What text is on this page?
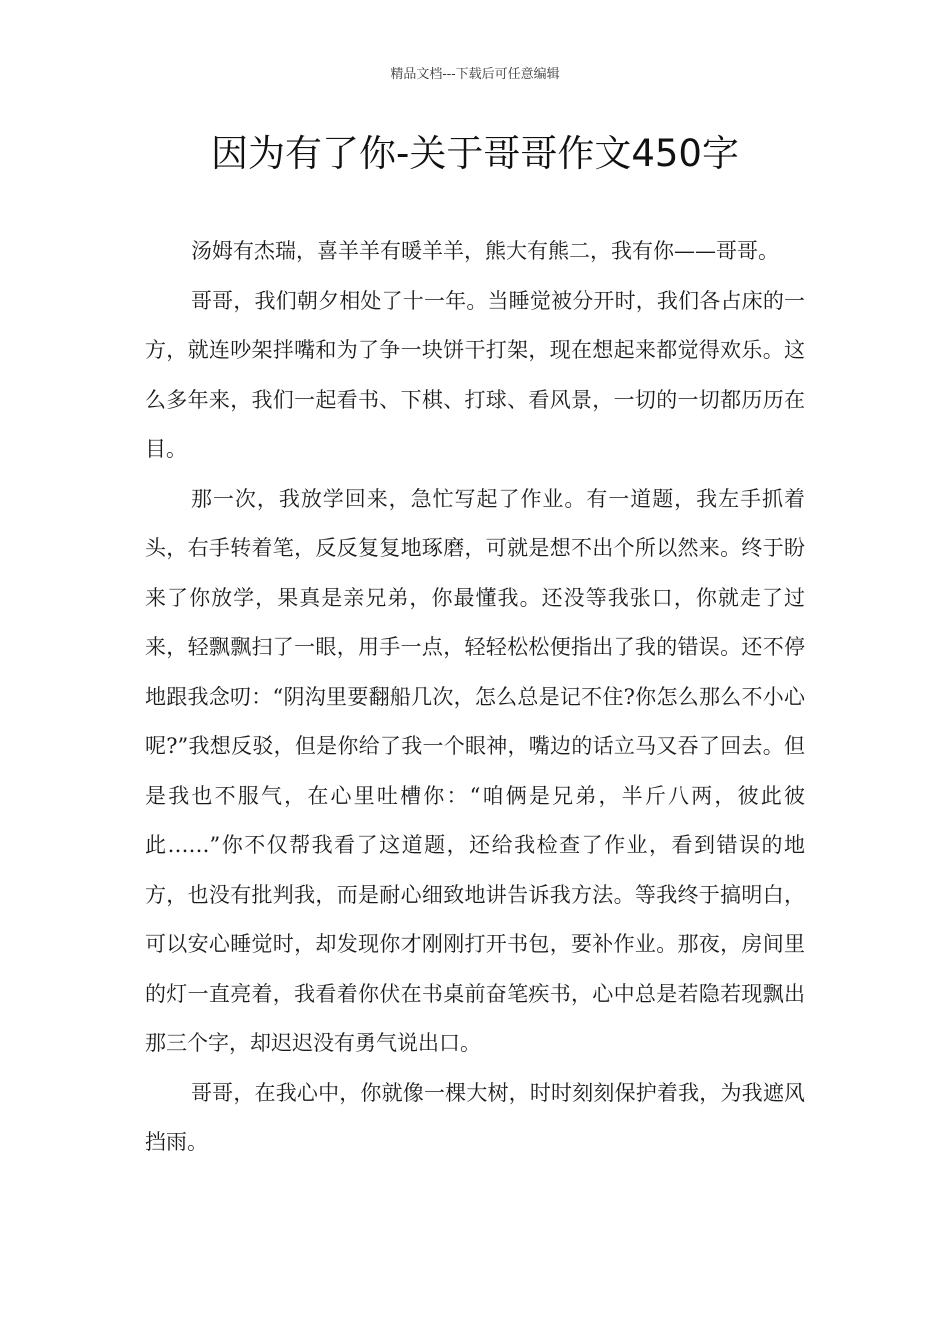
精品文档---下载后可任意编辑
因为有了你-关于哥哥作文450字

汤姆有杰瑞，喜羊羊有暖羊羊，熊大有熊二，我有你——哥哥。

哥哥，我们朝夕相处了十一年。当睡觉被分开时，我们各占床的一方，就连吵架拌嘴和为了争一块饼干打架，现在想起来都觉得欢乐。这么多年来，我们一起看书、下棋、打球、看风景，一切的一切都历历在目。

那一次，我放学回来，急忙写起了作业。有一道题，我左手抓着头，右手转着笔，反反复复地琢磨，可就是想不出个所以然来。终于盼来了你放学，果真是亲兄弟，你最懂我。还没等我张口，你就走了过来，轻飘飘扫了一眼，用手一点，轻轻松松便指出了我的错误。还不停地跟我念叨：“阴沟里要翻船几次，怎么总是记不住?你怎么那么不小心呢?”我想反驳，但是你给了我一个眼神，嘴边的话立马又吞了回去。但是我也不服气，在心里吐槽你：“咱俩是兄弟，半斤八两，彼此彼此……”你不仅帮我看了这道题，还给我检查了作业，看到错误的地方，也没有批判我，而是耐心细致地讲告诉我方法。等我终于搞明白，可以安心睡觉时，却发现你才刚刚打开书包，要补作业。那夜，房间里的灯一直亮着，我看着你伏在书桌前奋笔疾书，心中总是若隐若现飘出那三个字，却迟迟没有勇气说出口。

哥哥，在我心中，你就像一棵大树，时时刻刻保护着我，为我遮风挡雨。
